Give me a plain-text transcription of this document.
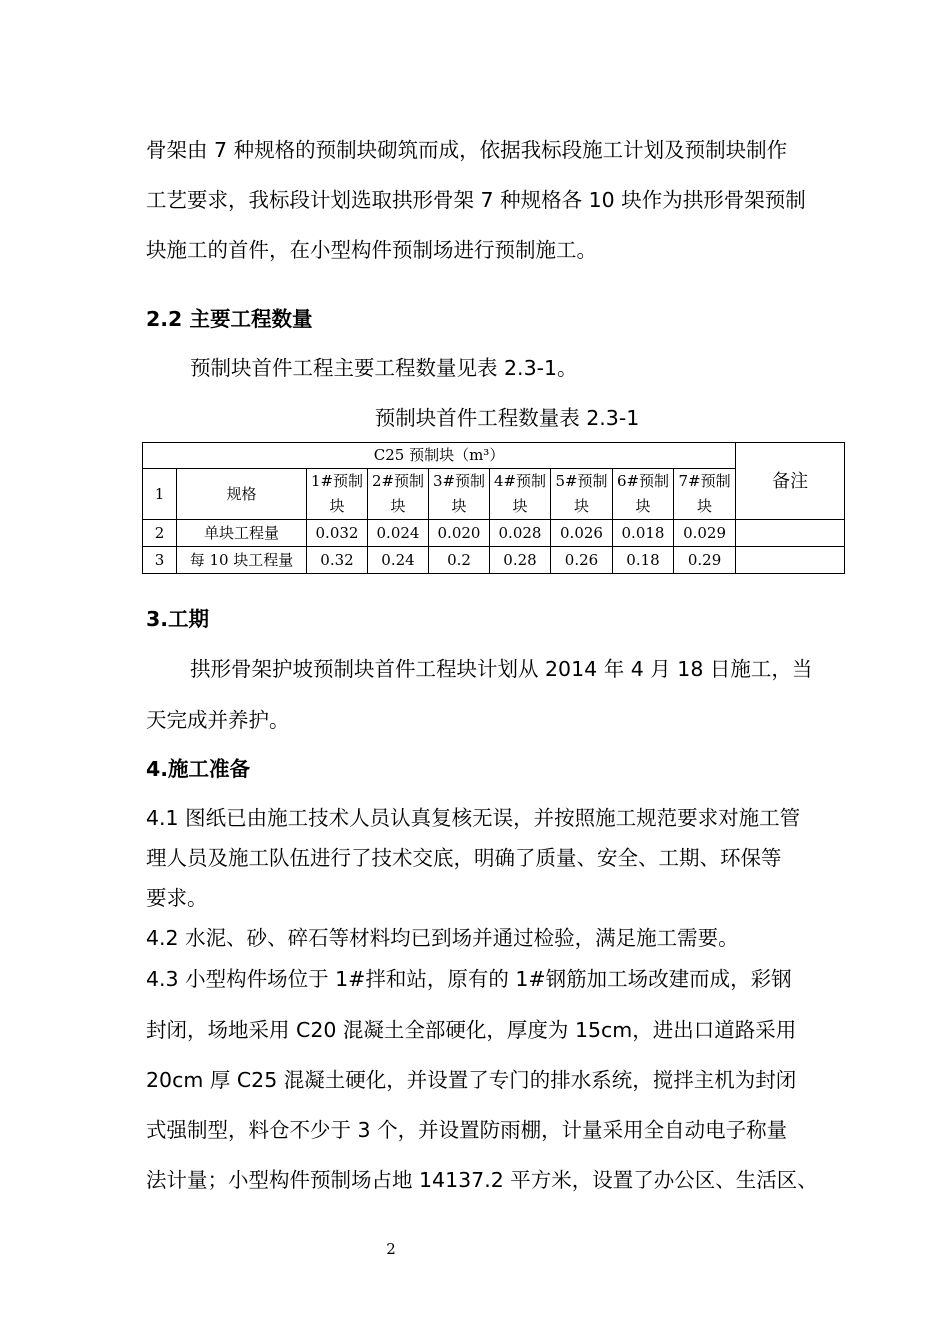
骨架由 7 种规格的预制块砌筑而成，依据我标段施工计划及预制块制作
工艺要求，我标段计划选取拱形骨架 7 种规格各 10 块作为拱形骨架预制
块施工的首件，在小型构件预制场进行预制施工。
2.2 主要工程数量
预制块首件工程主要工程数量见表 2.3-1。
预制块首件工程数量表 2.3-1
C25 预制块（m³）									备注
1	规格	1#预制块	2#预制块	3#预制块	4#预制块	5#预制块	6#预制块	7#预制块	
2	单块工程量	0.032	0.024	0.020	0.028	0.026	0.018	0.029	
3	每 10 块工程量	0.32	0.24	0.2	0.28	0.26	0.18	0.29	
3.工期
拱形骨架护坡预制块首件工程块计划从 2014 年 4 月 18 日施工，当
天完成并养护。
4.施工准备
4.1 图纸已由施工技术人员认真复核无误，并按照施工规范要求对施工管
理人员及施工队伍进行了技术交底，明确了质量、安全、工期、环保等
要求。
4.2 水泥、砂、碎石等材料均已到场并通过检验，满足施工需要。
4.3 小型构件场位于 1#拌和站，原有的 1#钢筋加工场改建而成，彩钢
封闭，场地采用 C20 混凝土全部硬化，厚度为 15cm，进出口道路采用
20cm 厚 C25 混凝土硬化，并设置了专门的排水系统，搅拌主机为封闭
式强制型，料仓不少于 3 个，并设置防雨棚，计量采用全自动电子称量
法计量；小型构件预制场占地 14137.2 平方米，设置了办公区、生活区、
2
